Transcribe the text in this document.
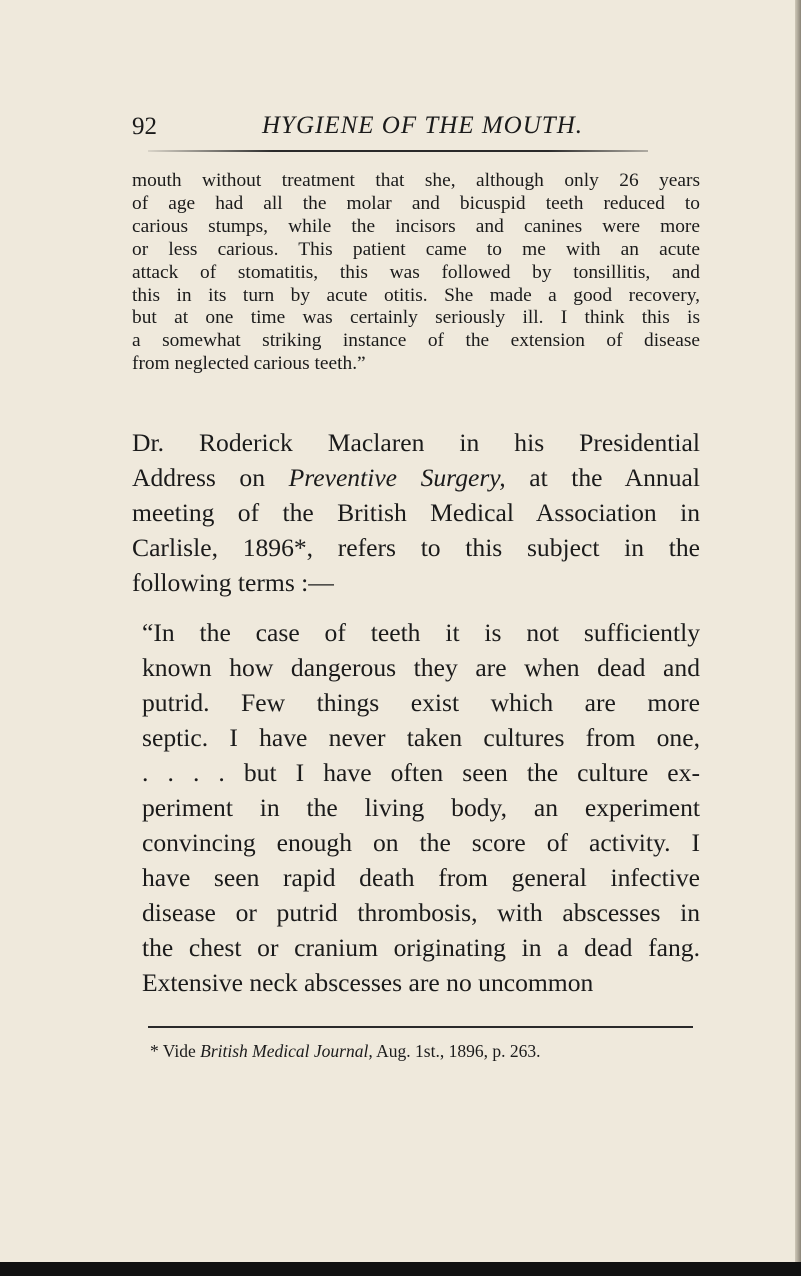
92	HYGIENE OF THE MOUTH.
mouth without treatment that she, although only 26 years
of age had all the molar and bicuspid teeth reduced to
carious stumps, while the incisors and canines were more
or less carious. This patient came to me with an acute
attack of stomatitis, this was followed by tonsillitis, and
this in its turn by acute otitis. She made a good recovery,
but at one time was certainly seriously ill. I think this is
a somewhat striking instance of the extension of disease
from neglected carious teeth.”
Dr. Roderick Maclaren in his Presidential
Address on Preventive Surgery, at the Annual
meeting of the British Medical Association in
Carlisle, 1896*, refers to this subject in the
following terms :—
“In the case of teeth it is not sufficiently
known how dangerous they are when dead and
putrid. Few things exist which are more
septic. I have never taken cultures from one,
. . . . but I have often seen the culture ex-
periment in the living body, an experiment
convincing enough on the score of activity. I
have seen rapid death from general infective
disease or putrid thrombosis, with abscesses in
the chest or cranium originating in a dead fang.
Extensive neck abscesses are no uncommon
* Vide British Medical Journal, Aug. 1st., 1896, p. 263.
